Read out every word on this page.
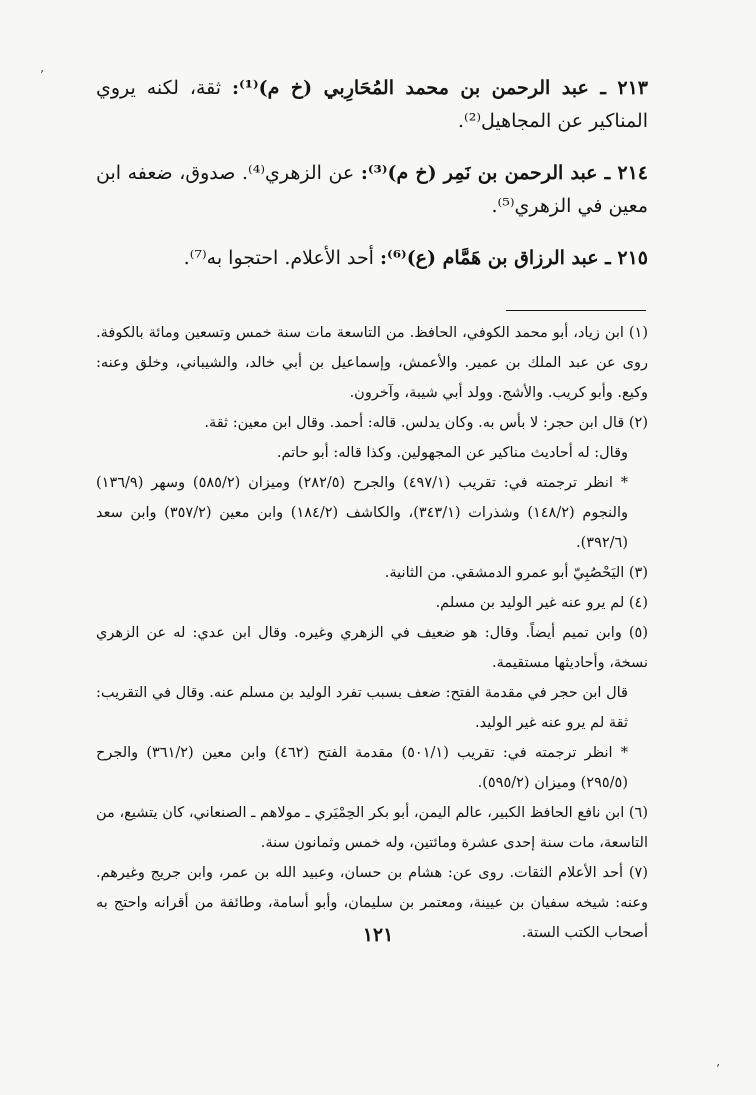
’

٢١٣ ـ عبد الرحمن بن محمد المُحَارِبي (خ م)⁽¹⁾: ثقة، لكنه يروي المناكير عن المجاهيل⁽²⁾.

٢١٤ ـ عبد الرحمن بن نَمِر (خ م)⁽³⁾: عن الزهري⁽⁴⁾. صدوق، ضعفه ابن معين في الزهري⁽⁵⁾.

٢١٥ ـ عبد الرزاق بن هَمَّام (ع)⁽⁶⁾: أحد الأعلام. احتجوا به⁽⁷⁾.

(١) ابن زياد، أبو محمد الكوفي، الحافظ. من التاسعة مات سنة خمس وتسعين ومائة بالكوفة. روى عن عبد الملك بن عمير. والأعمش، وإسماعيل بن أبي خالد، والشيباني، وخلق وعنه: وكيع. وأبو كريب. والأشج. وولد أبي شيبة، وآخرون.

(٢) قال ابن حجر: لا بأس به. وكان يدلس. قاله: أحمد. وقال ابن معين: ثقة.

وقال: له أحاديث مناكير عن المجهولين. وكذا قاله: أبو حاتم.

* انظر ترجمته في: تقريب (٤٩٧/١) والجرح (٢٨٢/٥) وميزان (٥٨٥/٢) وسهر (١٣٦/٩) والنجوم (١٤٨/٢) وشذرات (٣٤٣/١)، والكاشف (١٨٤/٢) وابن معين (٣٥٧/٢) وابن سعد (٣٩٢/٦).

(٣) اليَحْصُبِيّ أبو عمرو الدمشقي. من الثانية.

(٤) لم يرو عنه غير الوليد بن مسلم.

(٥) وابن تميم أيضاً. وقال: هو ضعيف في الزهري وغيره. وقال ابن عدي: له عن الزهري نسخة، وأحاديثها مستقيمة.

قال ابن حجر في مقدمة الفتح: ضعف بسبب تفرد الوليد بن مسلم عنه. وقال في التقريب: ثقة لم يرو عنه غير الوليد.

* انظر ترجمته في: تقريب (٥٠١/١) مقدمة الفتح (٤٦٢) وابن معين (٣٦١/٢) والجرح (٢٩٥/٥) وميزان (٥٩٥/٢).

(٦) ابن نافع الحافظ الكبير، عالم اليمن، أبو بكر الحِمْيَري ـ مولاهم ـ الصنعاني، كان يتشيع، من التاسعة، مات سنة إحدى عشرة ومائتين، وله خمس وثمانون سنة.

(٧) أحد الأعلام الثقات. روى عن: هشام بن حسان، وعبيد الله بن عمر، وابن جريج وغيرهم. وعنه: شيخه سفيان بن عيينة، ومعتمر بن سليمان، وأبو أسامة، وطائفة من أقرانه واحتج به أصحاب الكتب الستة.

١٢١
’
